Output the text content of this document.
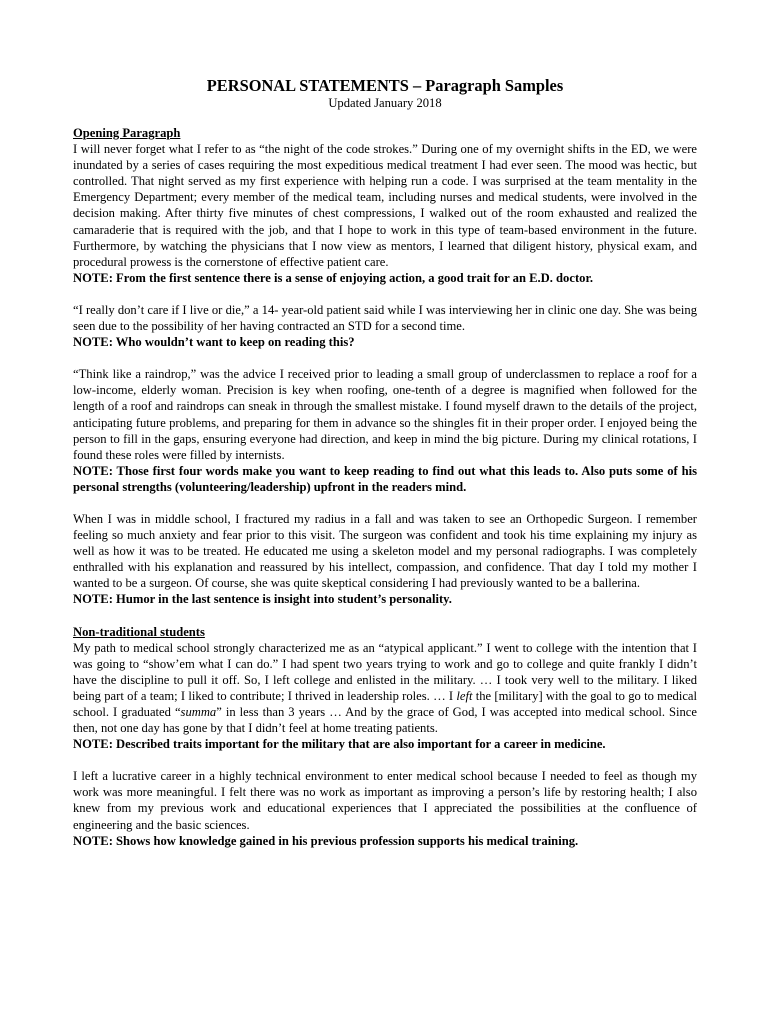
PERSONAL STATEMENTS – Paragraph Samples
Updated January 2018
Opening Paragraph

I will never forget what I refer to as “the night of the code strokes.” During one of my overnight shifts in the ED, we were inundated by a series of cases requiring the most expeditious medical treatment I had ever seen. The mood was hectic, but controlled. That night served as my first experience with helping run a code. I was surprised at the team mentality in the Emergency Department; every member of the medical team, including nurses and medical students, were involved in the decision making. After thirty five minutes of chest compressions, I walked out of the room exhausted and realized the camaraderie that is required with the job, and that I hope to work in this type of team-based environment in the future. Furthermore, by watching the physicians that I now view as mentors, I learned that diligent history, physical exam, and procedural prowess is the cornerstone of effective patient care.

NOTE: From the first sentence there is a sense of enjoying action, a good trait for an E.D. doctor.

“I really don’t care if I live or die,” a 14- year-old patient said while I was interviewing her in clinic one day. She was being seen due to the possibility of her having contracted an STD for a second time.

NOTE: Who wouldn’t want to keep on reading this?

“Think like a raindrop,” was the advice I received prior to leading a small group of underclassmen to replace a roof for a low-income, elderly woman. Precision is key when roofing, one-tenth of a degree is magnified when followed for the length of a roof and raindrops can sneak in through the smallest mistake. I found myself drawn to the details of the project, anticipating future problems, and preparing for them in advance so the shingles fit in their proper order. I enjoyed being the person to fill in the gaps, ensuring everyone had direction, and keep in mind the big picture. During my clinical rotations, I found these roles were filled by internists.

NOTE: Those first four words make you want to keep reading to find out what this leads to. Also puts some of his personal strengths (volunteering/leadership) upfront in the readers mind.

When I was in middle school, I fractured my radius in a fall and was taken to see an Orthopedic Surgeon. I remember feeling so much anxiety and fear prior to this visit. The surgeon was confident and took his time explaining my injury as well as how it was to be treated. He educated me using a skeleton model and my personal radiographs. I was completely enthralled with his explanation and reassured by his intellect, compassion, and confidence. That day I told my mother I wanted to be a surgeon. Of course, she was quite skeptical considering I had previously wanted to be a ballerina.

NOTE: Humor in the last sentence is insight into student’s personality.
Non-traditional students

My path to medical school strongly characterized me as an “atypical applicant.” I went to college with the intention that I was going to “show’em what I can do.” I had spent two years trying to work and go to college and quite frankly I didn’t have the discipline to pull it off. So, I left college and enlisted in the military. … I took very well to the military. I liked being part of a team; I liked to contribute; I thrived in leadership roles. … I left the [military] with the goal to go to medical school. I graduated “summa” in less than 3 years … And by the grace of God, I was accepted into medical school. Since then, not one day has gone by that I didn’t feel at home treating patients.

NOTE: Described traits important for the military that are also important for a career in medicine.

I left a lucrative career in a highly technical environment to enter medical school because I needed to feel as though my work was more meaningful. I felt there was no work as important as improving a person’s life by restoring health; I also knew from my previous work and educational experiences that I appreciated the possibilities at the confluence of engineering and the basic sciences.

NOTE: Shows how knowledge gained in his previous profession supports his medical training.
